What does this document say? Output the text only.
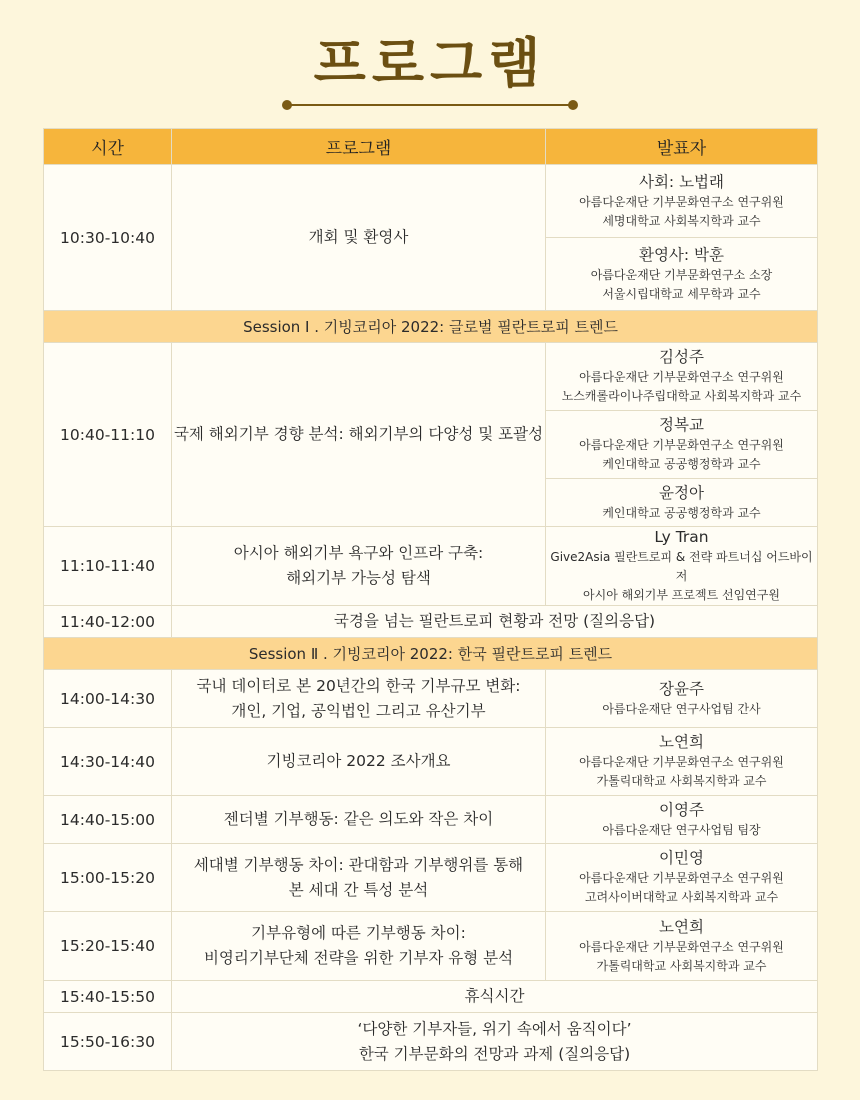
프로그램
시간	프로그램	발표자
10:30-10:40	개회 및 환영사	사회: 노법래
아름다운재단 기부문화연구소 연구위원
세명대학교 사회복지학과 교수

		환영사: 박훈
아름다운재단 기부문화연구소 소장
서울시립대학교 세무학과 교수

Session Ⅰ . 기빙코리아 2022: 글로벌 필란트로피 트렌드		
10:40-11:10	국제 해외기부 경향 분석: 해외기부의 다양성 및 포괄성	김성주
아름다운재단 기부문화연구소 연구위원
노스캐롤라이나주립대학교 사회복지학과 교수

		정복교
아름다운재단 기부문화연구소 연구위원
케인대학교 공공행정학과 교수

		윤정아
케인대학교 공공행정학과 교수

11:10-11:40	아시아 해외기부 욕구와 인프라 구축:
해외기부 가능성 탐색	Ly Tran
Give2Asia 필란트로피 & 전략 파트너십 어드바이저
아시아 해외기부 프로젝트 선임연구원

11:40-12:00	국경을 넘는 필란트로피 현황과 전망 (질의응답)	
Session Ⅱ . 기빙코리아 2022: 한국 필란트로피 트렌드		
14:00-14:30	국내 데이터로 본 20년간의 한국 기부규모 변화:
개인, 기업, 공익법인 그리고 유산기부	장윤주
아름다운재단 연구사업팀 간사

14:30-14:40	기빙코리아 2022 조사개요	노연희
아름다운재단 기부문화연구소 연구위원
가톨릭대학교 사회복지학과 교수

14:40-15:00	젠더별 기부행동: 같은 의도와 작은 차이	이영주
아름다운재단 연구사업팀 팀장

15:00-15:20	세대별 기부행동 차이: 관대함과 기부행위를 통해
본 세대 간 특성 분석	이민영
아름다운재단 기부문화연구소 연구위원
고려사이버대학교 사회복지학과 교수

15:20-15:40	기부유형에 따른 기부행동 차이:
비영리기부단체 전략을 위한 기부자 유형 분석	노연희
아름다운재단 기부문화연구소 연구위원
가톨릭대학교 사회복지학과 교수

15:40-15:50	휴식시간	
15:50-16:30	‘다양한 기부자들, 위기 속에서 움직이다’
한국 기부문화의 전망과 과제 (질의응답)	
